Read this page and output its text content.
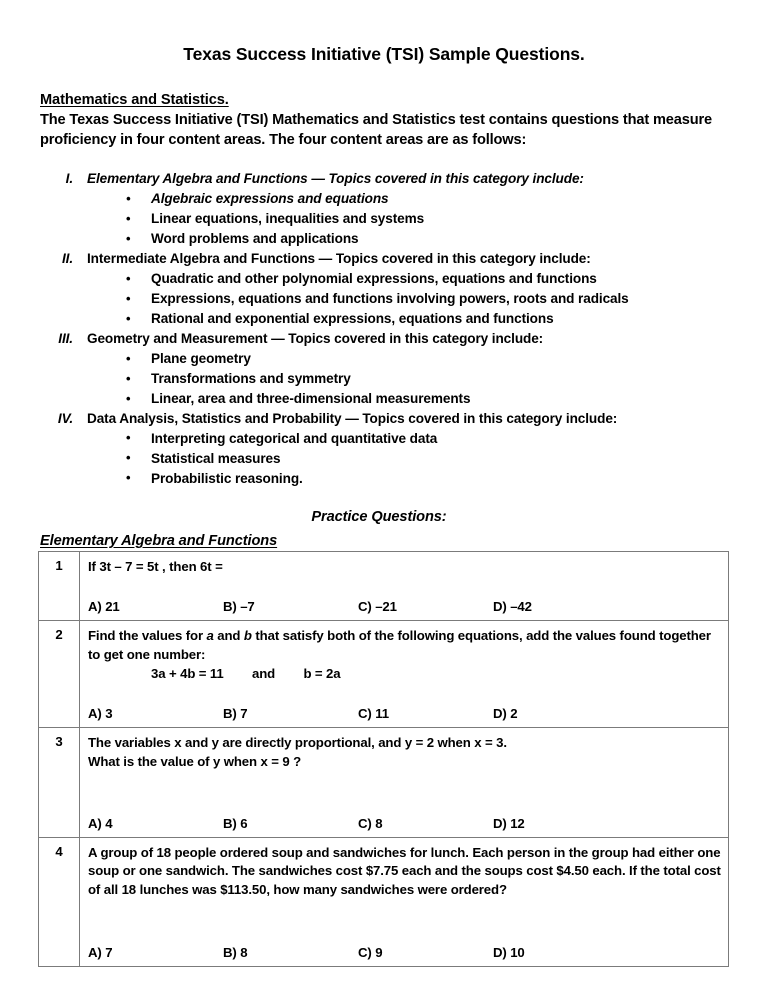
Texas Success Initiative (TSI) Sample Questions.
Mathematics and Statistics.
The Texas Success Initiative (TSI) Mathematics and Statistics test contains questions that measure proficiency in four content areas. The four content areas are as follows:
I.	Elementary Algebra and Functions — Topics covered in this category include:
• Algebraic expressions and equations
• Linear equations, inequalities and systems
• Word problems and applications
II.	Intermediate Algebra and Functions — Topics covered in this category include:
• Quadratic and other polynomial expressions, equations and functions
• Expressions, equations and functions involving powers, roots and radicals
• Rational and exponential expressions, equations and functions
III.	Geometry and Measurement — Topics covered in this category include:
• Plane geometry
• Transformations and symmetry
• Linear, area and three-dimensional measurements
IV.	Data Analysis, Statistics and Probability — Topics covered in this category include:
• Interpreting categorical and quantitative data
• Statistical measures
• Probabilistic reasoning.
Practice Questions:
Elementary Algebra and Functions
1	If 3t – 7 = 5t , then 6t =
A) 21 B) –7 C) –21 D) –42

2	Find the values for a and b that satisfy both of the following equations, add the values found together to get one number:
3a + 4b = 11        and        b = 2a
A) 3	B) 7	C) 11	D) 2

3	The variables x and y are directly proportional, and y = 2 when x = 3.
What is the value of y when x = 9 ?
A) 4	B) 6	C) 8	D) 12

4	A group of 18 people ordered soup and sandwiches for lunch. Each person in the group had either one soup or one sandwich. The sandwiches cost $7.75 each and the soups cost $4.50 each. If the total cost of all 18 lunches was $113.50, how many sandwiches were ordered?
A) 7 B) 8 C) 9 D) 10
